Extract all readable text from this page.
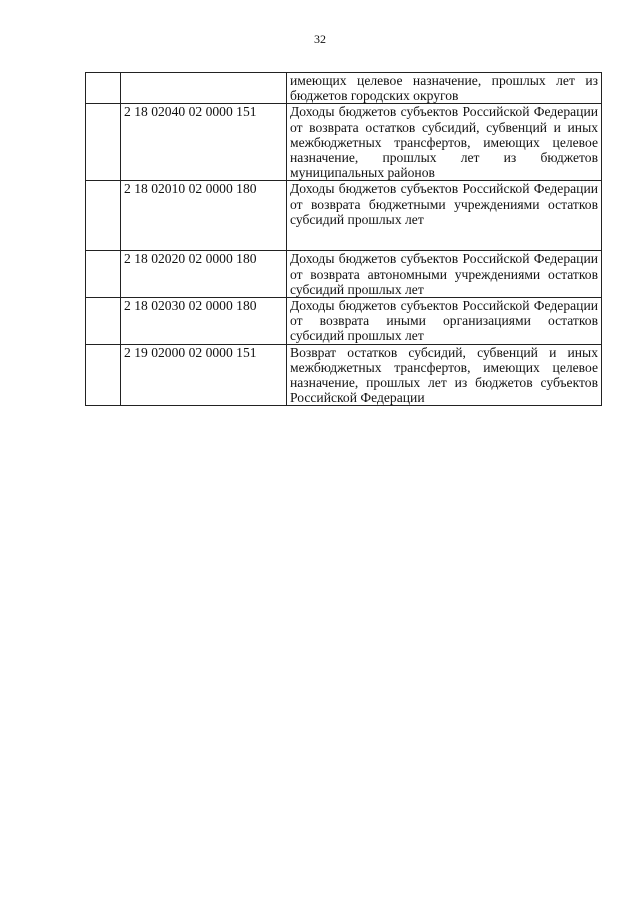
32
		имеющих целевое назначение, прошлых лет из бюджетов городских округов
	2 18 02040 02 0000 151	Доходы бюджетов субъектов Российской Федерации от возврата остатков субсидий, субвенций и иных межбюджетных трансфертов, имеющих целевое назначение, прошлых лет из бюджетов муниципальных районов
	2 18 02010 02 0000 180	Доходы бюджетов субъектов Российской Федерации от возврата бюджетными учреждениями остатков субсидий прошлых лет
	2 18 02020 02 0000 180	Доходы бюджетов субъектов Российской Федерации от возврата автономными учреждениями остатков субсидий прошлых лет
	2 18 02030 02 0000 180	Доходы бюджетов субъектов Российской Федерации от возврата иными организациями остатков субсидий прошлых лет
	2 19 02000 02 0000 151	Возврат остатков субсидий, субвенций и иных межбюджетных трансфертов, имеющих целевое назначение, прошлых лет из бюджетов субъектов Российской Федерации
